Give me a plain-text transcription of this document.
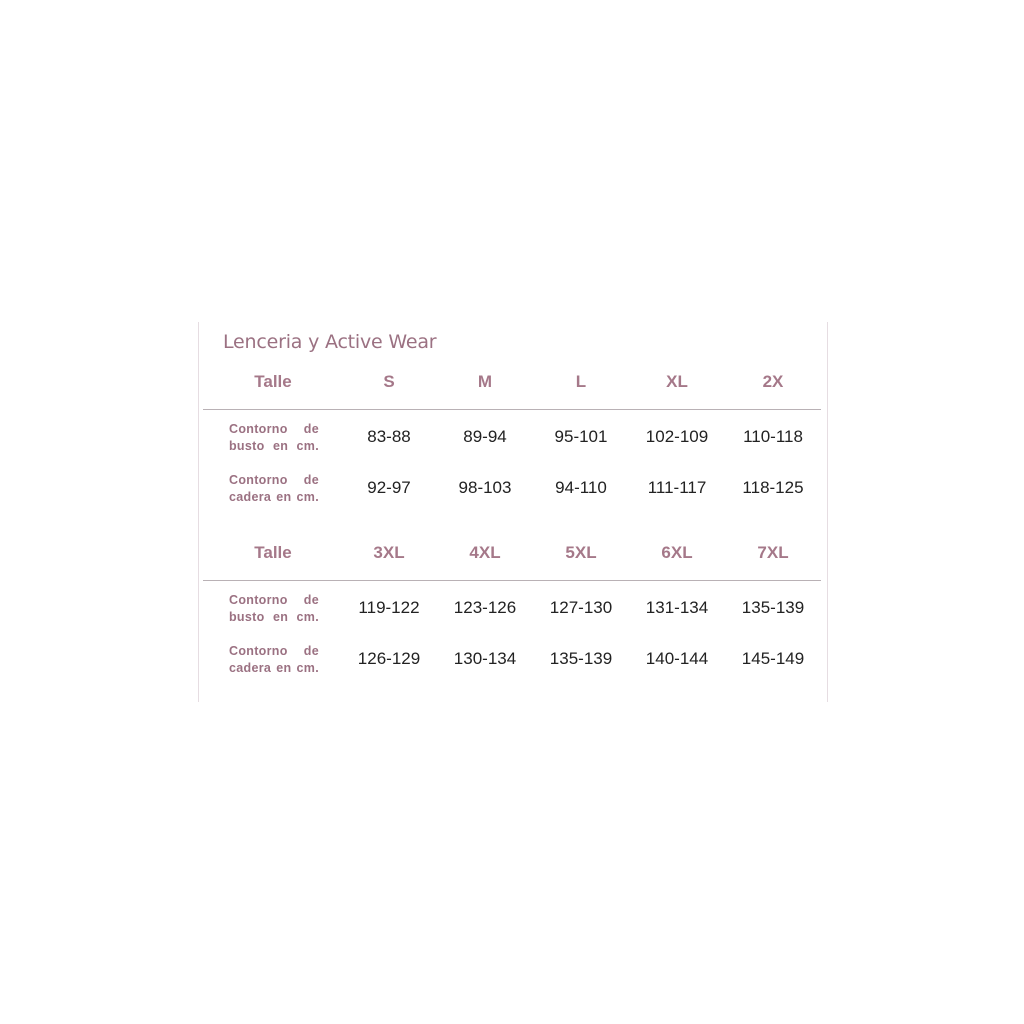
Lenceria y Active Wear
Talle	S	M	L	XL	2X
Contorno de
busto en cm.	83-88	89-94	95-101	102-109	110-118
Contorno de
cadera en cm.	92-97	98-103	94-110	111-117	118-125
Talle	3XL	4XL	5XL	6XL	7XL
Contorno de
busto en cm.	119-122	123-126	127-130	131-134	135-139
Contorno de
cadera en cm.	126-129	130-134	135-139	140-144	145-149
